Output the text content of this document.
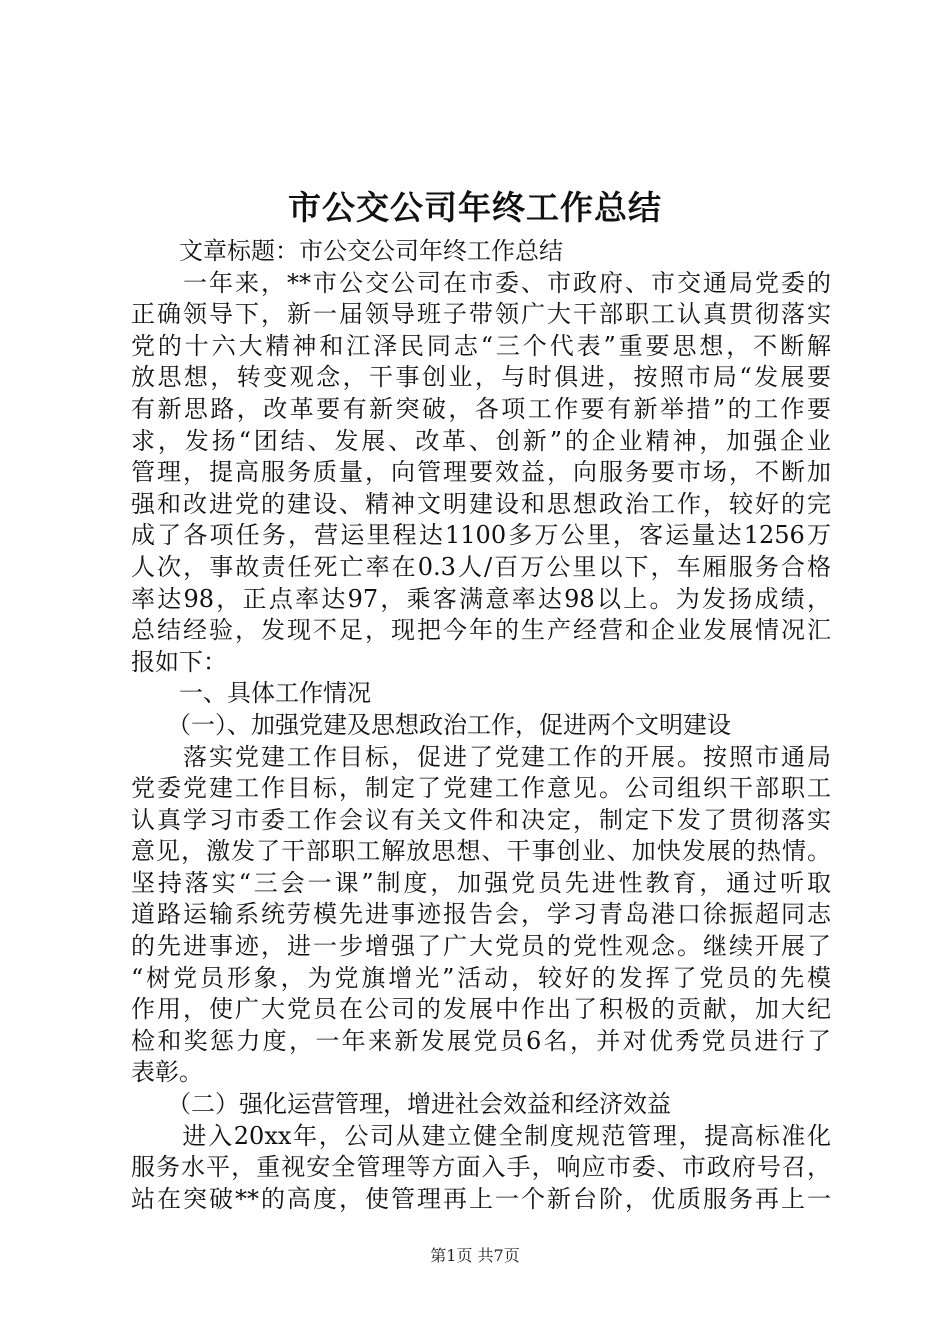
市公交公司年终工作总结
　　文章标题：市公交公司年终工作总结
　　一年来，**市公交公司在市委、市政府、市交通局党委的
正确领导下，新一届领导班子带领广大干部职工认真贯彻落实
党的十六大精神和江泽民同志“三个代表”重要思想，不断解
放思想，转变观念，干事创业，与时俱进，按照市局“发展要
有新思路，改革要有新突破，各项工作要有新举措”的工作要
求，发扬“团结、发展、改革、创新”的企业精神，加强企业
管理，提高服务质量，向管理要效益，向服务要市场，不断加
强和改进党的建设、精神文明建设和思想政治工作，较好的完
成了各项任务，营运里程达1100多万公里，客运量达1256万
人次，事故责任死亡率在0.3人/百万公里以下，车厢服务合格
率达98，正点率达97，乘客满意率达98以上。为发扬成绩，
总结经验，发现不足，现把今年的生产经营和企业发展情况汇
报如下：
　　一、具体工作情况
　　（一）、加强党建及思想政治工作，促进两个文明建设
　　落实党建工作目标，促进了党建工作的开展。按照市通局
党委党建工作目标，制定了党建工作意见。公司组织干部职工
认真学习市委工作会议有关文件和决定，制定下发了贯彻落实
意见，激发了干部职工解放思想、干事创业、加快发展的热情。
坚持落实“三会一课”制度，加强党员先进性教育，通过听取
道路运输系统劳模先进事迹报告会，学习青岛港口徐振超同志
的先进事迹，进一步增强了广大党员的党性观念。继续开展了
“树党员形象，为党旗增光”活动，较好的发挥了党员的先模
作用，使广大党员在公司的发展中作出了积极的贡献，加大纪
检和奖惩力度，一年来新发展党员6名，并对优秀党员进行了
表彰。
　　（二）强化运营管理，增进社会效益和经济效益
　　进入20xx年，公司从建立健全制度规范管理，提高标准化
服务水平，重视安全管理等方面入手，响应市委、市政府号召，
站在突破**的高度，使管理再上一个新台阶，优质服务再上一
第1页 共7页
